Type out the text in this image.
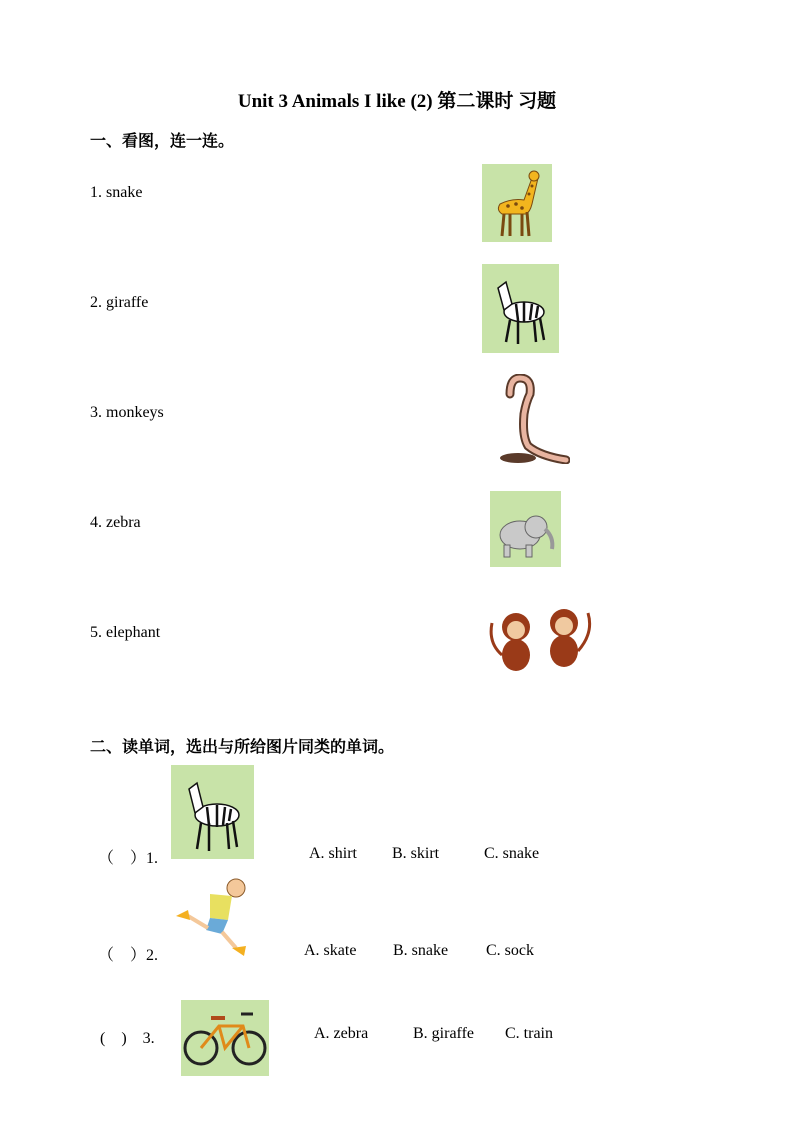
Unit 3 Animals I like (2) 第二课时 习题
一、看图，连一连。
1. snake
2. giraffe
3. monkeys
4. zebra
5. elephant
二、读单词，选出与所给图片同类的单词。
（　）1.	A. shirt B. skirt	C. snake
（　）2.	A. skate B. snake C. sock
(　)　3.	A. zebra	B. giraffe C. train
